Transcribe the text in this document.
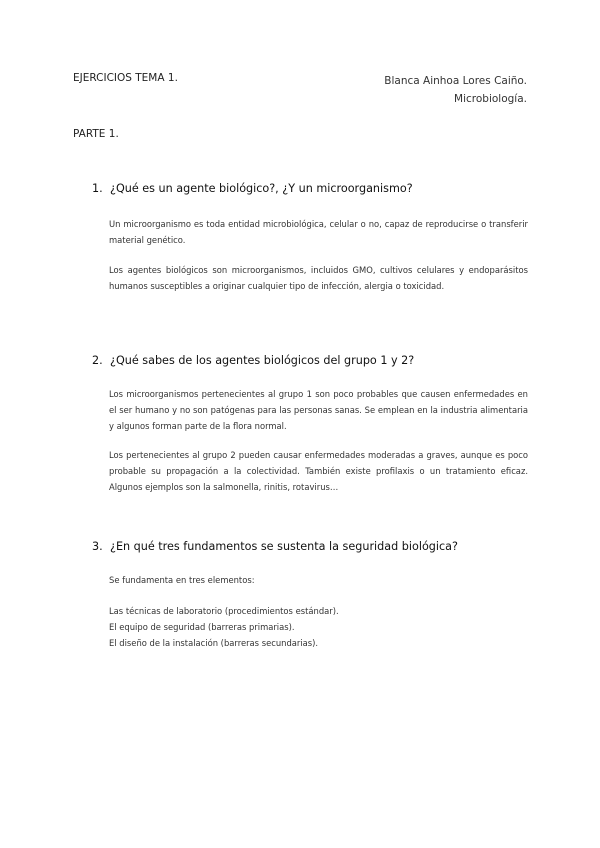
EJERCICIOS TEMA 1.	Blanca Ainhoa Lores Caiño.
Microbiología.
PARTE 1.
1. ¿Qué es un agente biológico?, ¿Y un microorganismo?
Un microorganismo es toda entidad microbiológica, celular o no, capaz de reproducirse o transferir material genético.
Los agentes biológicos son microorganismos, incluidos GMO, cultivos celulares y endoparásitos humanos susceptibles a originar cualquier tipo de infección, alergia o toxicidad.
2. ¿Qué sabes de los agentes biológicos del grupo 1 y 2?
Los microorganismos pertenecientes al grupo 1 son poco probables que causen enfermedades en el ser humano y no son patógenas para las personas sanas. Se emplean en la industria alimentaria y algunos forman parte de la flora normal.
Los pertenecientes al grupo 2 pueden causar enfermedades moderadas a graves, aunque es poco probable su propagación a la colectividad. También existe profilaxis o un tratamiento eficaz. Algunos ejemplos son la salmonella, rinitis, rotavirus…
3. ¿En qué tres fundamentos se sustenta la seguridad biológica?
Se fundamenta en tres elementos:
Las técnicas de laboratorio (procedimientos estándar).
El equipo de seguridad (barreras primarias).
El diseño de la instalación (barreras secundarias).
